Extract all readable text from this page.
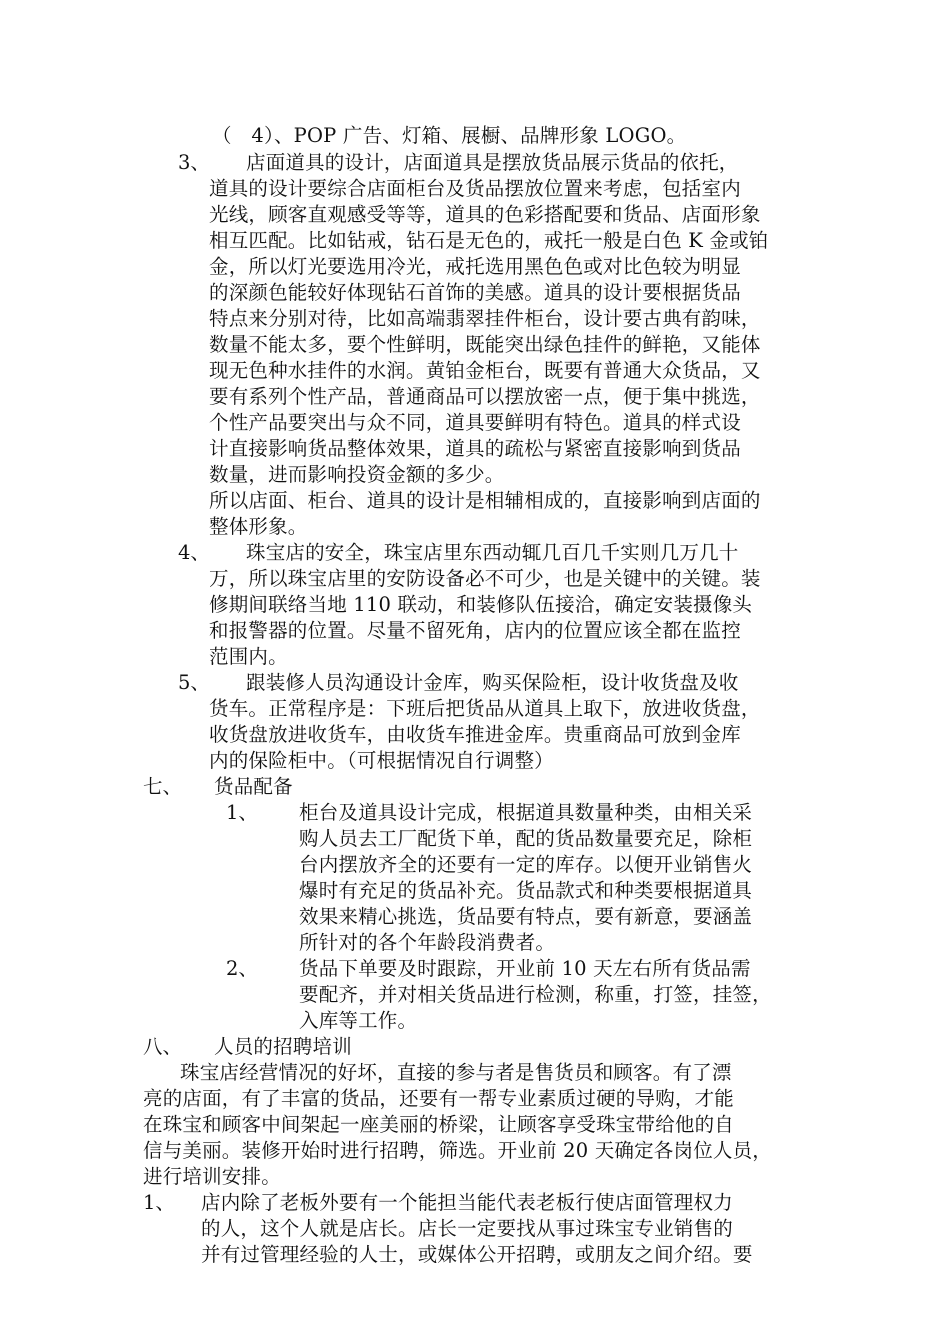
（　4）、POP 广告、灯箱、展橱、品牌形象 LOGO。
3、 店面道具的设计，店面道具是摆放货品展示货品的依托，
道具的设计要综合店面柜台及货品摆放位置来考虑，包括室内
光线，顾客直观感受等等，道具的色彩搭配要和货品、店面形象
相互匹配。比如钻戒，钻石是无色的，戒托一般是白色 K 金或铂
金，所以灯光要选用冷光，戒托选用黑色色或对比色较为明显
的深颜色能较好体现钻石首饰的美感。道具的设计要根据货品
特点来分别对待，比如高端翡翠挂件柜台，设计要古典有韵味，
数量不能太多，要个性鲜明，既能突出绿色挂件的鲜艳，又能体
现无色种水挂件的水润。黄铂金柜台，既要有普通大众货品，又
要有系列个性产品，普通商品可以摆放密一点，便于集中挑选，
个性产品要突出与众不同，道具要鲜明有特色。道具的样式设
计直接影响货品整体效果，道具的疏松与紧密直接影响到货品
数量，进而影响投资金额的多少。
所以店面、柜台、道具的设计是相辅相成的，直接影响到店面的
整体形象。
4、 珠宝店的安全，珠宝店里东西动辄几百几千实则几万几十
万，所以珠宝店里的安防设备必不可少，也是关键中的关键。装
修期间联络当地 110 联动，和装修队伍接洽，确定安装摄像头
和报警器的位置。尽量不留死角，店内的位置应该全都在监控
范围内。
5、 跟装修人员沟通设计金库，购买保险柜，设计收货盘及收
货车。正常程序是：下班后把货品从道具上取下，放进收货盘，
收货盘放进收货车，由收货车推进金库。贵重商品可放到金库
内的保险柜中。（可根据情况自行调整）
七、 货品配备
1、 柜台及道具设计完成，根据道具数量种类，由相关采
购人员去工厂配货下单，配的货品数量要充足，除柜
台内摆放齐全的还要有一定的库存。以便开业销售火
爆时有充足的货品补充。货品款式和种类要根据道具
效果来精心挑选，货品要有特点，要有新意，要涵盖
所针对的各个年龄段消费者。
2、 货品下单要及时跟踪，开业前 10 天左右所有货品需
要配齐，并对相关货品进行检测，称重，打签，挂签，
入库等工作。
八、 人员的招聘培训
珠宝店经营情况的好坏，直接的参与者是售货员和顾客。有了漂
亮的店面，有了丰富的货品，还要有一帮专业素质过硬的导购，才能
在珠宝和顾客中间架起一座美丽的桥梁，让顾客享受珠宝带给他的自
信与美丽。装修开始时进行招聘，筛选。开业前 20 天确定各岗位人员，
进行培训安排。
1、 店内除了老板外要有一个能担当能代表老板行使店面管理权力
的人，这个人就是店长。店长一定要找从事过珠宝专业销售的
并有过管理经验的人士，或媒体公开招聘，或朋友之间介绍。要
